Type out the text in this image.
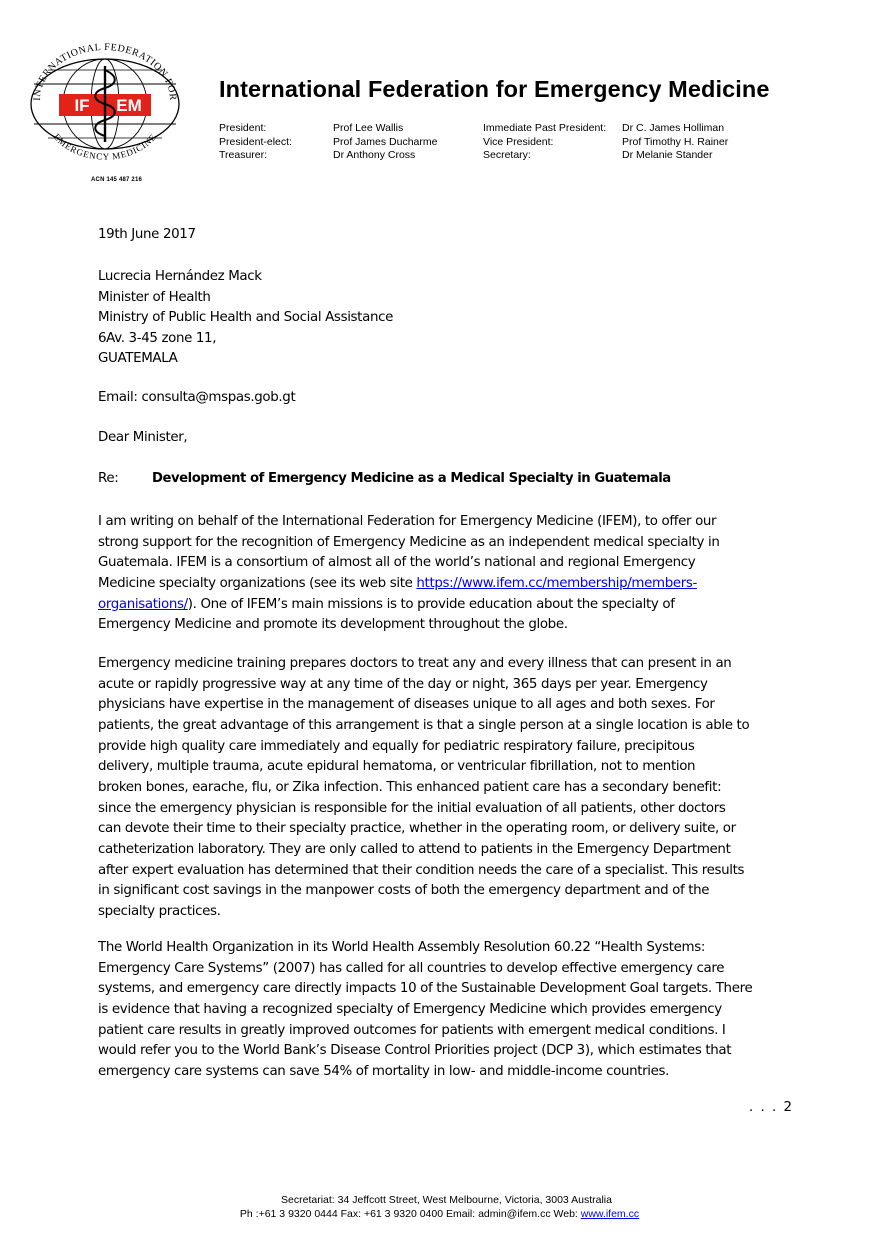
IF EM
INTERNATIONAL FEDERATION FOR
EMERGENCY MEDICINE
ACN 145 487 216
International Federation for Emergency Medicine
President:
President-elect:
Treasurer:
Prof Lee Wallis
Prof James Ducharme
Dr Anthony Cross
Immediate Past President:
Vice President:
Secretary:
Dr C. James Holliman
Prof Timothy H. Rainer
Dr Melanie Stander
19th June 2017
Lucrecia Hernández Mack
Minister of Health
Ministry of Public Health and Social Assistance
6Av. 3-45 zone 11,
GUATEMALA
Email: consulta@mspas.gob.gt
Dear Minister,
Re:	Development of Emergency Medicine as a Medical Specialty in Guatemala
I am writing on behalf of the International Federation for Emergency Medicine (IFEM), to offer our
strong support for the recognition of Emergency Medicine as an independent medical specialty in
Guatemala. IFEM is a consortium of almost all of the world’s national and regional Emergency
Medicine specialty organizations (see its web site https://www.ifem.cc/membership/members-
organisations/). One of IFEM’s main missions is to provide education about the specialty of
Emergency Medicine and promote its development throughout the globe.
Emergency medicine training prepares doctors to treat any and every illness that can present in an
acute or rapidly progressive way at any time of the day or night, 365 days per year. Emergency
physicians have expertise in the management of diseases unique to all ages and both sexes. For
patients, the great advantage of this arrangement is that a single person at a single location is able to
provide high quality care immediately and equally for pediatric respiratory failure, precipitous
delivery, multiple trauma, acute epidural hematoma, or ventricular fibrillation, not to mention
broken bones, earache, flu, or Zika infection. This enhanced patient care has a secondary benefit:
since the emergency physician is responsible for the initial evaluation of all patients, other doctors
can devote their time to their specialty practice, whether in the operating room, or delivery suite, or
catheterization laboratory. They are only called to attend to patients in the Emergency Department
after expert evaluation has determined that their condition needs the care of a specialist. This results
in significant cost savings in the manpower costs of both the emergency department and of the
specialty practices.
The World Health Organization in its World Health Assembly Resolution 60.22 “Health Systems:
Emergency Care Systems” (2007) has called for all countries to develop effective emergency care
systems, and emergency care directly impacts 10 of the Sustainable Development Goal targets. There
is evidence that having a recognized specialty of Emergency Medicine which provides emergency
patient care results in greatly improved outcomes for patients with emergent medical conditions. I
would refer you to the World Bank’s Disease Control Priorities project (DCP 3), which estimates that
emergency care systems can save 54% of mortality in low- and middle-income countries.
. . . 2
Secretariat: 34 Jeffcott Street, West Melbourne, Victoria, 3003 Australia
Ph :+61 3 9320 0444 Fax: +61 3 9320 0400 Email: admin@ifem.cc Web: www.ifem.cc
